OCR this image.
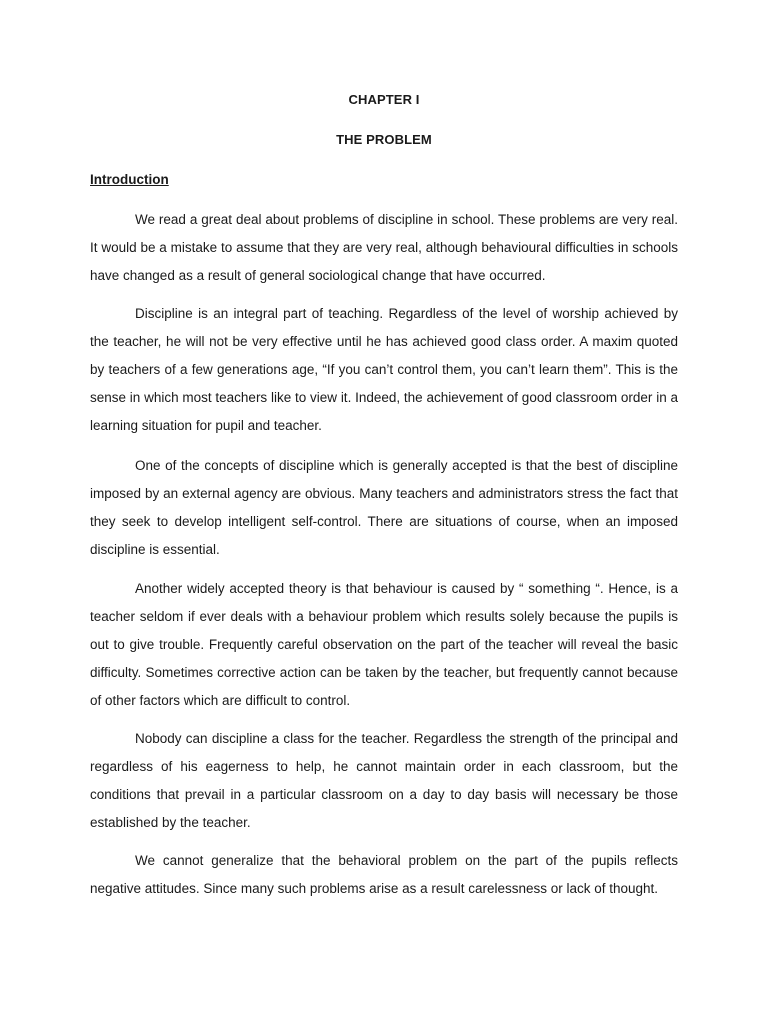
CHAPTER I
THE PROBLEM
Introduction

We read a great deal about problems of discipline in school. These problems are very real. It would be a mistake to assume that they are very real, although behavioural difficulties in schools have changed as a result of general sociological change that have occurred.

Discipline is an integral part of teaching. Regardless of the level of worship achieved by the teacher, he will not be very effective until he has achieved good class order. A maxim quoted by teachers of a few generations age, “If you can’t control them, you can’t learn them”. This is the sense in which most teachers like to view it. Indeed, the achievement of good classroom order in a learning situation for pupil and teacher.

One of the concepts of discipline which is generally accepted is that the best of discipline imposed by an external agency are obvious. Many teachers and administrators stress the fact that they seek to develop intelligent self-control. There are situations of course, when an imposed discipline is essential.

Another widely accepted theory is that behaviour is caused by “ something “. Hence, is a teacher seldom if ever deals with a behaviour problem which results solely because the pupils is out to give trouble. Frequently careful observation on the part of the teacher will reveal the basic difficulty. Sometimes corrective action can be taken by the teacher, but frequently cannot because of other factors which are difficult to control.

Nobody can discipline a class for the teacher. Regardless the strength of the principal and regardless of his eagerness to help, he cannot maintain order in each classroom, but the conditions that prevail in a particular classroom on a day to day basis will necessary be those established by the teacher.

We cannot generalize that the behavioral problem on the part of the pupils reflects negative attitudes. Since many such problems arise as a result carelessness or lack of thought.
